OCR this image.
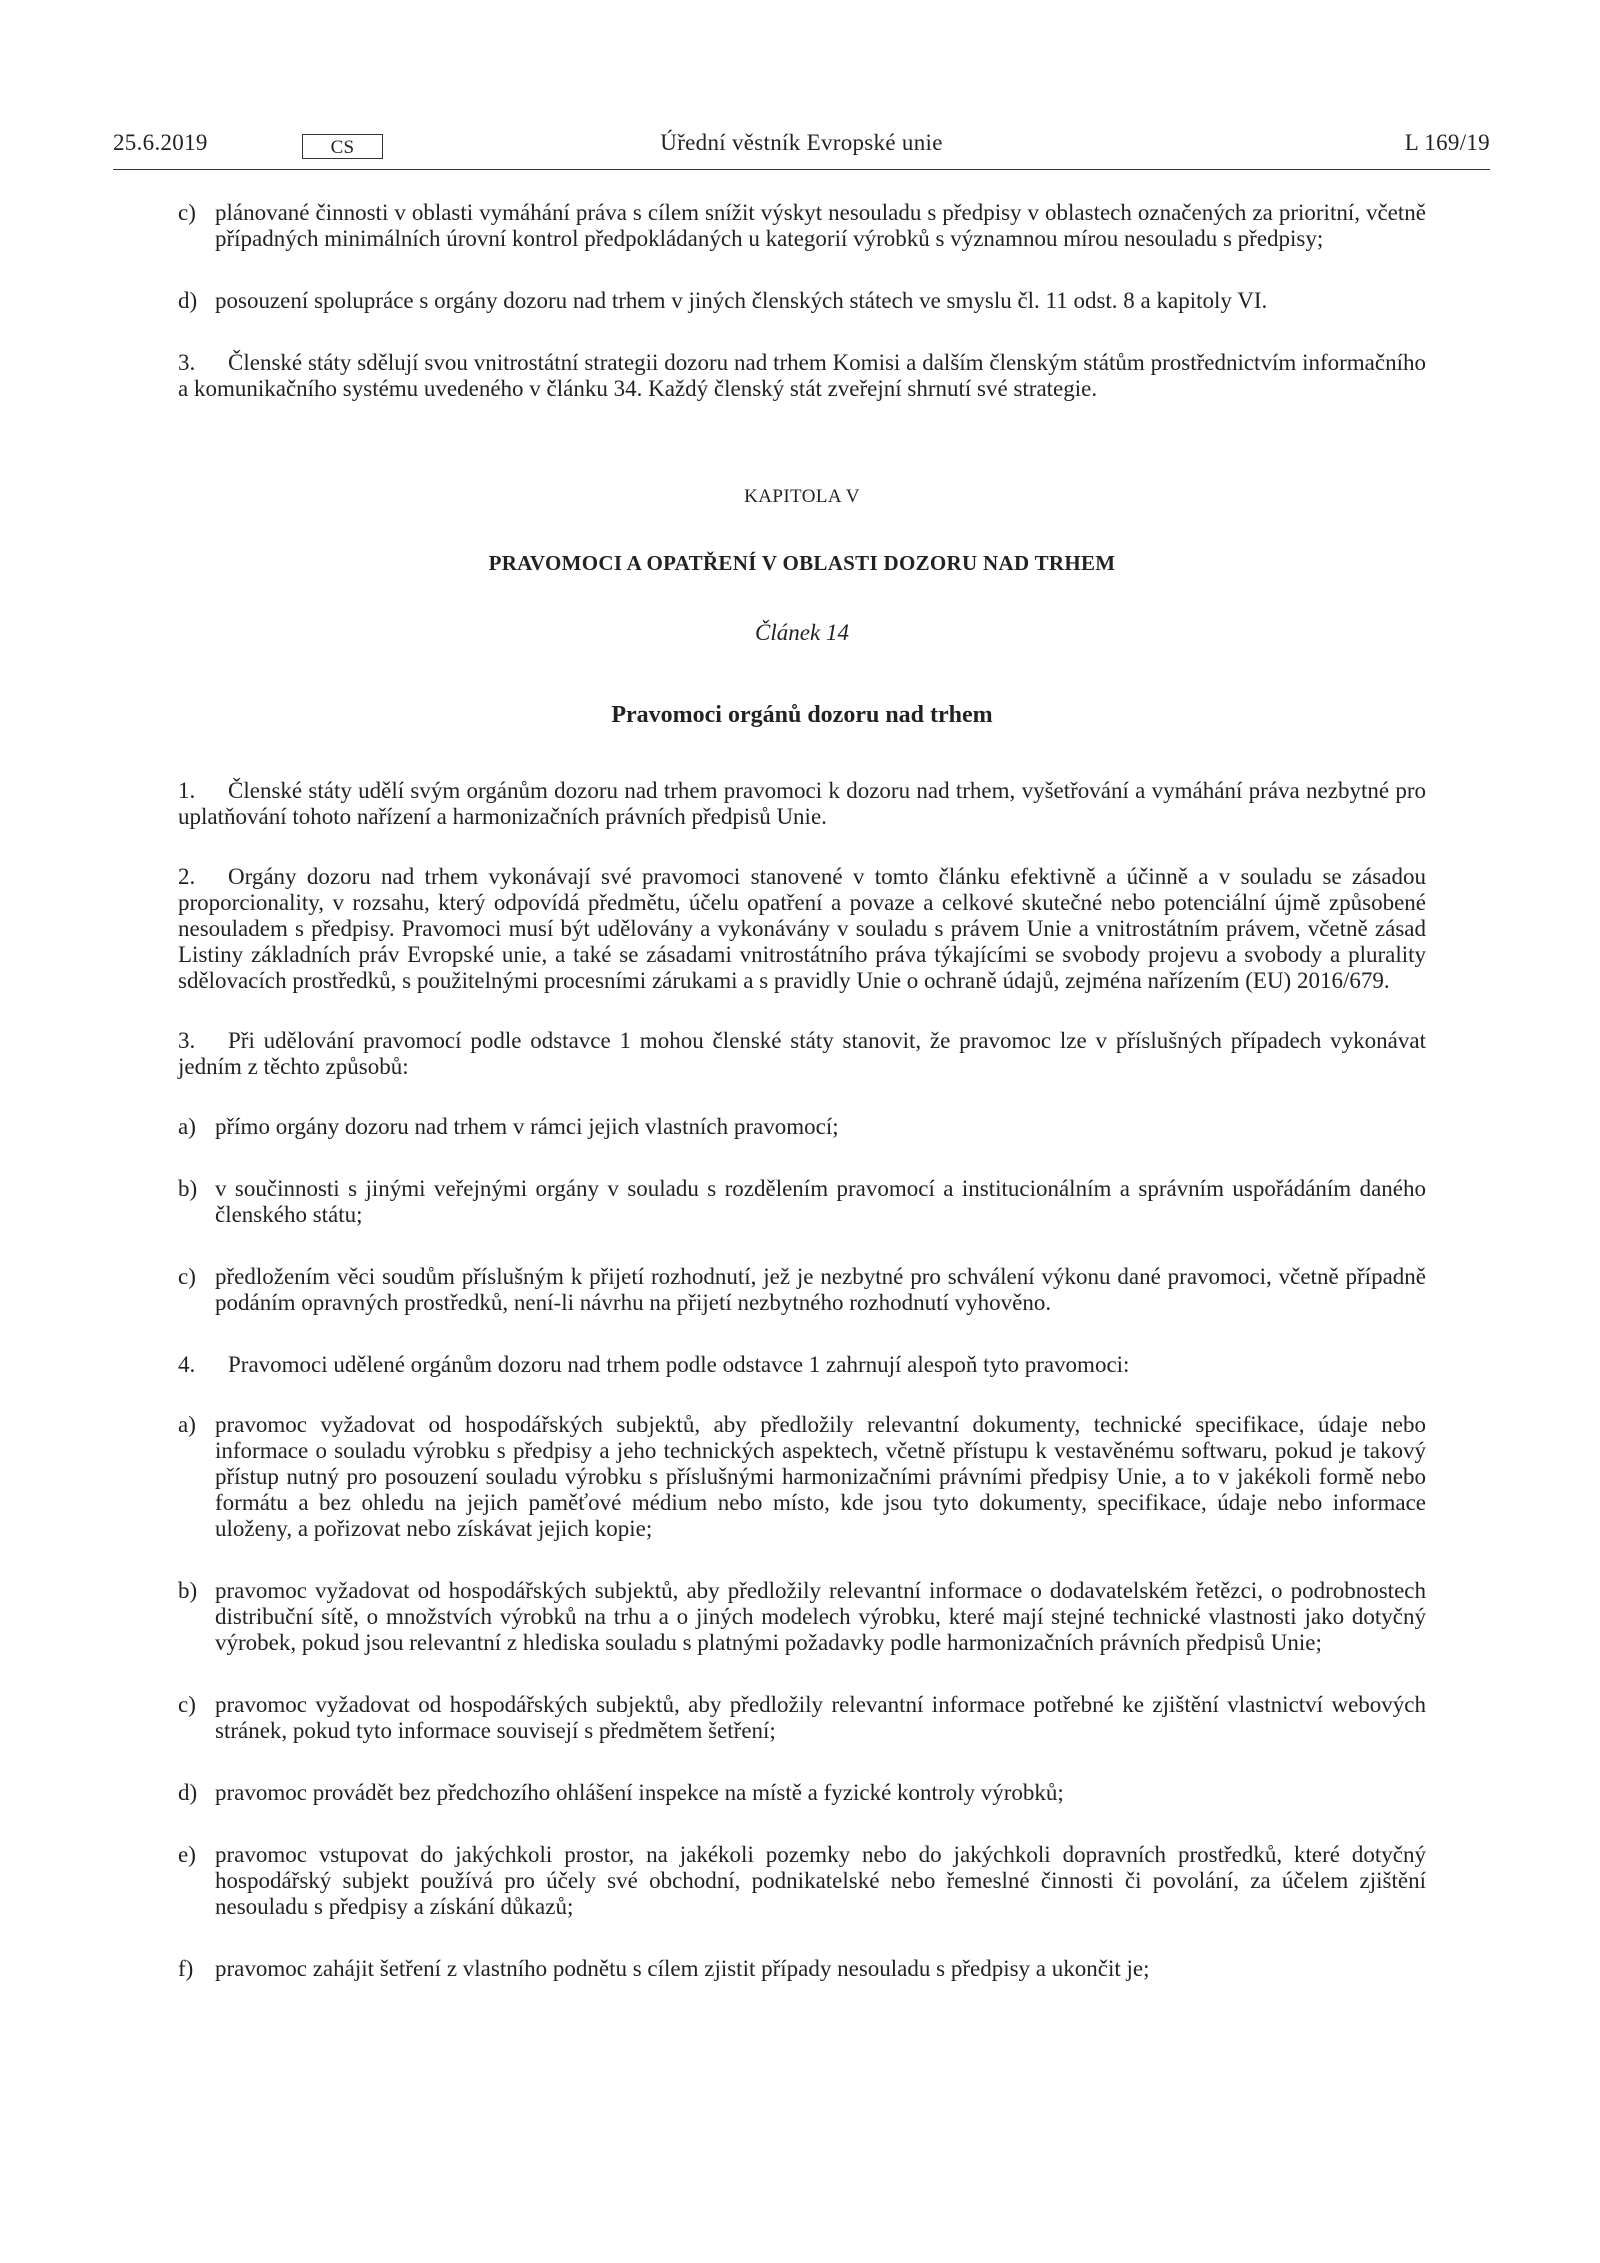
25.6.2019	CS	Úřední věstník Evropské unie	L 169/19
c) plánované činnosti v oblasti vymáhání práva s cílem snížit výskyt nesouladu s předpisy v oblastech označených za prioritní, včetně případných minimálních úrovní kontrol předpokládaných u kategorií výrobků s významnou mírou nesouladu s předpisy;
d) posouzení spolupráce s orgány dozoru nad trhem v jiných členských státech ve smyslu čl. 11 odst. 8 a kapitoly VI.
3. Členské státy sdělují svou vnitrostátní strategii dozoru nad trhem Komisi a dalším členským státům prostřednictvím informačního a komunikačního systému uvedeného v článku 34. Každý členský stát zveřejní shrnutí své strategie.
KAPITOLA V
PRAVOMOCI A OPATŘENÍ V OBLASTI DOZORU NAD TRHEM
Článek 14
Pravomoci orgánů dozoru nad trhem
1. Členské státy udělí svým orgánům dozoru nad trhem pravomoci k dozoru nad trhem, vyšetřování a vymáhání práva nezbytné pro uplatňování tohoto nařízení a harmonizačních právních předpisů Unie.
2. Orgány dozoru nad trhem vykonávají své pravomoci stanovené v tomto článku efektivně a účinně a v souladu se zásadou proporcionality, v rozsahu, který odpovídá předmětu, účelu opatření a povaze a celkové skutečné nebo potenciální újmě způsobené nesouladem s předpisy. Pravomoci musí být udělovány a vykonávány v souladu s právem Unie a vnitrostátním právem, včetně zásad Listiny základních práv Evropské unie, a také se zásadami vnitrostátního práva týkajícími se svobody projevu a svobody a plurality sdělovacích prostředků, s použitelnými procesními zárukami a s pravidly Unie o ochraně údajů, zejména nařízením (EU) 2016/679.
3. Při udělování pravomocí podle odstavce 1 mohou členské státy stanovit, že pravomoc lze v příslušných případech vykonávat jedním z těchto způsobů:
a) přímo orgány dozoru nad trhem v rámci jejich vlastních pravomocí;
b) v součinnosti s jinými veřejnými orgány v souladu s rozdělením pravomocí a institucionálním a správním uspořádáním daného členského státu;
c) předložením věci soudům příslušným k přijetí rozhodnutí, jež je nezbytné pro schválení výkonu dané pravomoci, včetně případně podáním opravných prostředků, není-li návrhu na přijetí nezbytného rozhodnutí vyhověno.
4. Pravomoci udělené orgánům dozoru nad trhem podle odstavce 1 zahrnují alespoň tyto pravomoci:
a) pravomoc vyžadovat od hospodářských subjektů, aby předložily relevantní dokumenty, technické specifikace, údaje nebo informace o souladu výrobku s předpisy a jeho technických aspektech, včetně přístupu k vestavěnému softwaru, pokud je takový přístup nutný pro posouzení souladu výrobku s příslušnými harmonizačními právními předpisy Unie, a to v jakékoli formě nebo formátu a bez ohledu na jejich paměťové médium nebo místo, kde jsou tyto dokumenty, specifikace, údaje nebo informace uloženy, a pořizovat nebo získávat jejich kopie;
b) pravomoc vyžadovat od hospodářských subjektů, aby předložily relevantní informace o dodavatelském řetězci, o podrobnostech distribuční sítě, o množstvích výrobků na trhu a o jiných modelech výrobku, které mají stejné technické vlastnosti jako dotyčný výrobek, pokud jsou relevantní z hlediska souladu s platnými požadavky podle harmonizačních právních předpisů Unie;
c) pravomoc vyžadovat od hospodářských subjektů, aby předložily relevantní informace potřebné ke zjištění vlastnictví webových stránek, pokud tyto informace souvisejí s předmětem šetření;
d) pravomoc provádět bez předchozího ohlášení inspekce na místě a fyzické kontroly výrobků;
e) pravomoc vstupovat do jakýchkoli prostor, na jakékoli pozemky nebo do jakýchkoli dopravních prostředků, které dotyčný hospodářský subjekt používá pro účely své obchodní, podnikatelské nebo řemeslné činnosti či povolání, za účelem zjištění nesouladu s předpisy a získání důkazů;
f) pravomoc zahájit šetření z vlastního podnětu s cílem zjistit případy nesouladu s předpisy a ukončit je;
